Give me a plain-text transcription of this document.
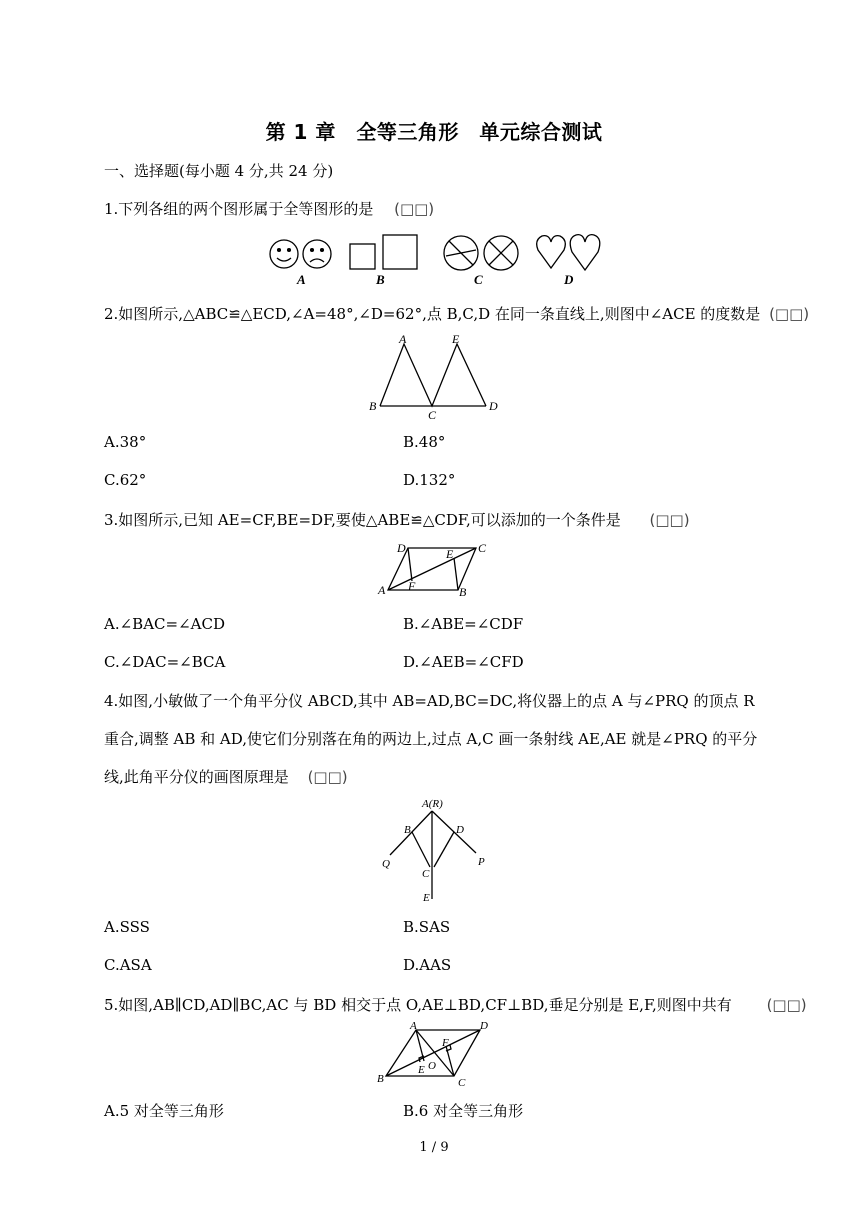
第 1 章　全等三角形　单元综合测试
一、选择题(每小题 4 分,共 24 分)
1.下列各组的两个图形属于全等图形的是 (□□)
A	B	C	D
2.如图所示,△ABC≌△ECD,∠A=48°,∠D=62°,点 B,C,D 在同一条直线上,则图中∠ACE 的度数是 (□□)
A	E
B
C
D
A.38°	B.48°
C.62°	D.132°
3.如图所示,已知 AE=CF,BE=DF,要使△ABE≌△CDF,可以添加的一个条件是 (□□)
D	E C
A F	B
A.∠BAC=∠ACD	B.∠ABE=∠CDF
C.∠DAC=∠BCA	D.∠AEB=∠CFD
4.如图,小敏做了一个角平分仪 ABCD,其中 AB=AD,BC=DC,将仪器上的点 A 与∠PRQ 的顶点 R
重合,调整 AB 和 AD,使它们分别落在角的两边上,过点 A,C 画一条射线 AE,AE 就是∠PRQ 的平分
线,此角平分仪的画图原理是 (□□)
A(R)
B	D
Q
C
P
E
A.SSS	B.SAS
C.ASA	D.AAS
5.如图,AB∥CD,AD∥BC,AC 与 BD 相交于点 O,AE⊥BD,CF⊥BD,垂足分别是 E,F,则图中共有 (□□)
A	D
F
O
E
B	C
A.5 对全等三角形	B.6 对全等三角形
1 / 9
